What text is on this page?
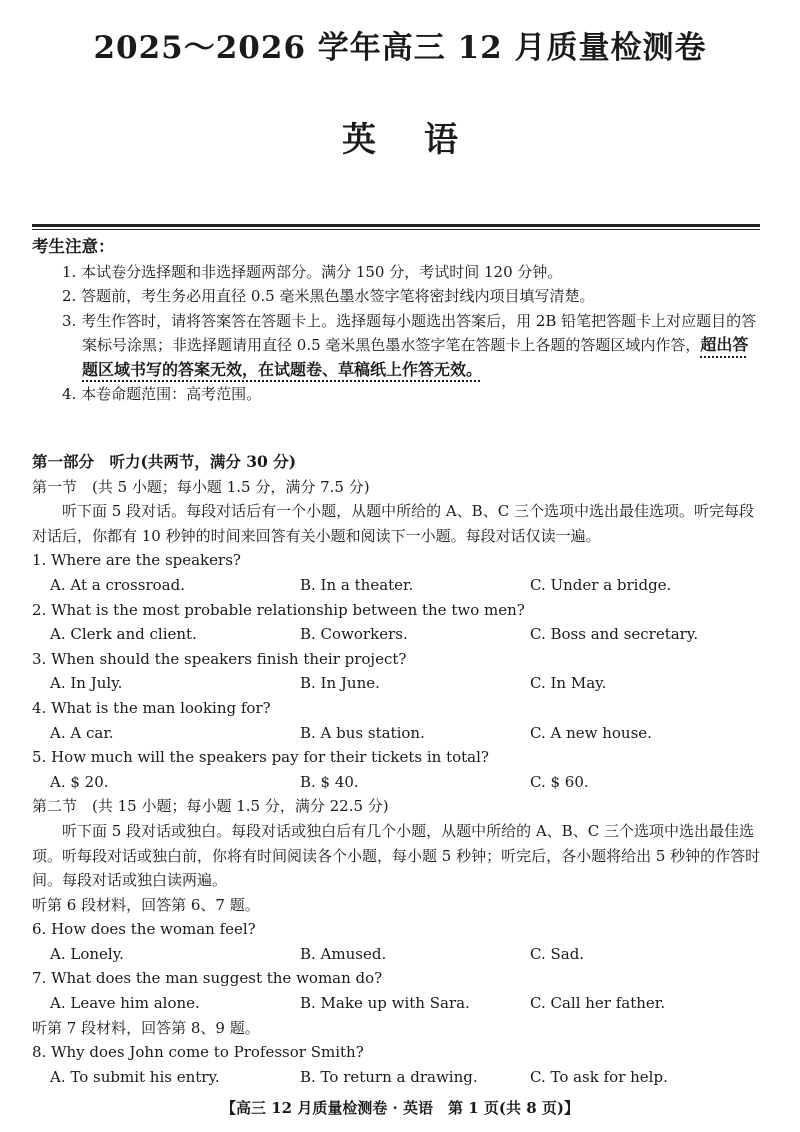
2025～2026 学年高三 12 月质量检测卷
英语
考生注意：
1. 本试卷分选择题和非选择题两部分。满分 150 分，考试时间 120 分钟。
2. 答题前，考生务必用直径 0.5 毫米黑色墨水签字笔将密封线内项目填写清楚。
3. 考生作答时，请将答案答在答题卡上。选择题每小题选出答案后，用 2B 铅笔把答题卡上对应题目的答案标号涂黑；非选择题请用直径 0.5 毫米黑色墨水签字笔在答题卡上各题的答题区域内作答，超出答题区域书写的答案无效，在试题卷、草稿纸上作答无效。
4. 本卷命题范围：高考范围。
第一部分　听力(共两节，满分 30 分)
第一节　(共 5 小题；每小题 1.5 分，满分 7.5 分)

听下面 5 段对话。每段对话后有一个小题，从题中所给的 A、B、C 三个选项中选出最佳选项。听完每段对话后，你都有 10 秒钟的时间来回答有关小题和阅读下一小题。每段对话仅读一遍。

1. Where are the speakers?

A. At a crossroad.	B. In a theater.	C. Under a bridge.

2. What is the most probable relationship between the two men?

A. Clerk and client.	B. Coworkers.	C. Boss and secretary.

3. When should the speakers finish their project?

A. In July.	B. In June.	C. In May.

4. What is the man looking for?

A. A car.	B. A bus station.	C. A new house.

5. How much will the speakers pay for their tickets in total?

A. $ 20.	B. $ 40.	C. $ 60.
第二节　(共 15 小题；每小题 1.5 分，满分 22.5 分)

听下面 5 段对话或独白。每段对话或独白后有几个小题，从题中所给的 A、B、C 三个选项中选出最佳选项。听每段对话或独白前，你将有时间阅读各个小题，每小题 5 秒钟；听完后，各小题将给出 5 秒钟的作答时间。每段对话或独白读两遍。

听第 6 段材料，回答第 6、7 题。

6. How does the woman feel?

A. Lonely.	B. Amused.	C. Sad.

7. What does the man suggest the woman do?

A. Leave him alone.	B. Make up with Sara.	C. Call her father.
听第 7 段材料，回答第 8、9 题。

8. Why does John come to Professor Smith?

A. To submit his entry.	B. To return a drawing.	C. To ask for help.
【高三 12 月质量检测卷 · 英语　第 1 页(共 8 页)】
